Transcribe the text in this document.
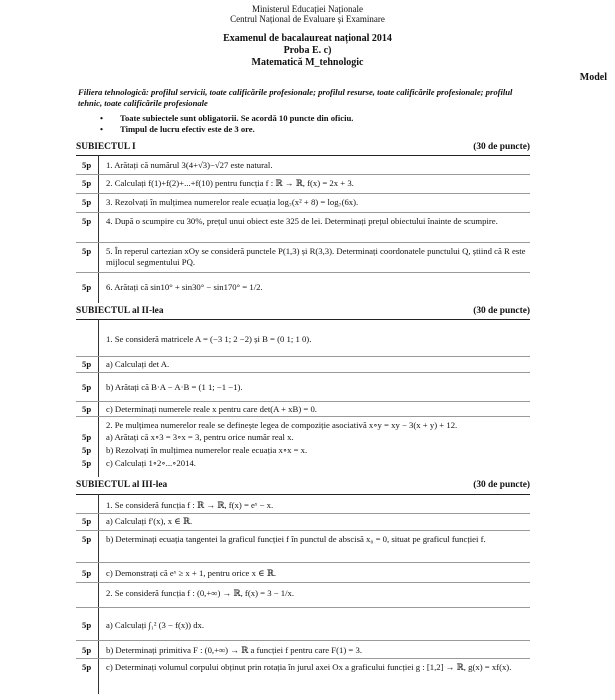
Ministerul Educației Naționale
Centrul Național de Evaluare și Examinare
Examenul de bacalaureat național 2014
Proba E. c)
Matematică M_tehnologic
Model
Filiera tehnologică: profilul servicii, toate calificările profesionale; profilul resurse, toate calificările profesionale; profilul tehnic, toate calificările profesionale
• Toate subiectele sunt obligatorii. Se acordă 10 puncte din oficiu.
• Timpul de lucru efectiv este de 3 ore.
SUBIECTUL I	(30 de puncte)
5p	1. Arătați că numărul 3(4+√3)−√27 este natural.
5p	2. Calculați f(1)+f(2)+...+f(10) pentru funcția f : ℝ → ℝ, f(x) = 2x + 3.
5p	3. Rezolvați în mulțimea numerelor reale ecuația log₇(x² + 8) = log₇(6x).
5p	4. După o scumpire cu 30%, prețul unui obiect este 325 de lei. Determinați prețul obiectului înainte de scumpire.
5p	5. În reperul cartezian xOy se consideră punctele P(1,3) și R(3,3). Determinați coordonatele punctului Q, știind că R este mijlocul segmentului PQ.
5p	6. Arătați că sin10° + sin30° − sin170° = 1/2.
SUBIECTUL al II-lea	(30 de puncte)
1. Se consideră matricele A = (−3 1; 2 −2) și B = (0 1; 1 0).
5p	a) Calculați det A.
5p	b) Arătați că B·A − A·B = (1 1; −1 −1).
5p	c) Determinați numerele reale x pentru care det(A + xB) = 0.
2. Pe mulțimea numerelor reale se definește legea de compoziție asociativă x∘y = xy − 3(x + y) + 12.
5p	a) Arătați că x∘3 = 3∘x = 3, pentru orice număr real x.
5p	b) Rezolvați în mulțimea numerelor reale ecuația x∘x = x.
5p	c) Calculați 1∘2∘...∘2014.
SUBIECTUL al III-lea	(30 de puncte)
1. Se consideră funcția f : ℝ → ℝ, f(x) = eˣ − x.
5p	a) Calculați f′(x), x ∈ ℝ.
5p	b) Determinați ecuația tangentei la graficul funcției f în punctul de abscisă x₀ = 0, situat pe graficul funcției f.
5p	c) Demonstrați că eˣ ≥ x + 1, pentru orice x ∈ ℝ.
2. Se consideră funcția f : (0,+∞) → ℝ, f(x) = 3 − 1/x.
5p	a) Calculați ∫₁² (3 − f(x)) dx.
5p	b) Determinați primitiva F : (0,+∞) → ℝ a funcției f pentru care F(1) = 3.
5p	c) Determinați volumul corpului obținut prin rotația în jurul axei Ox a graficului funcției g : [1,2] → ℝ, g(x) = xf(x).
